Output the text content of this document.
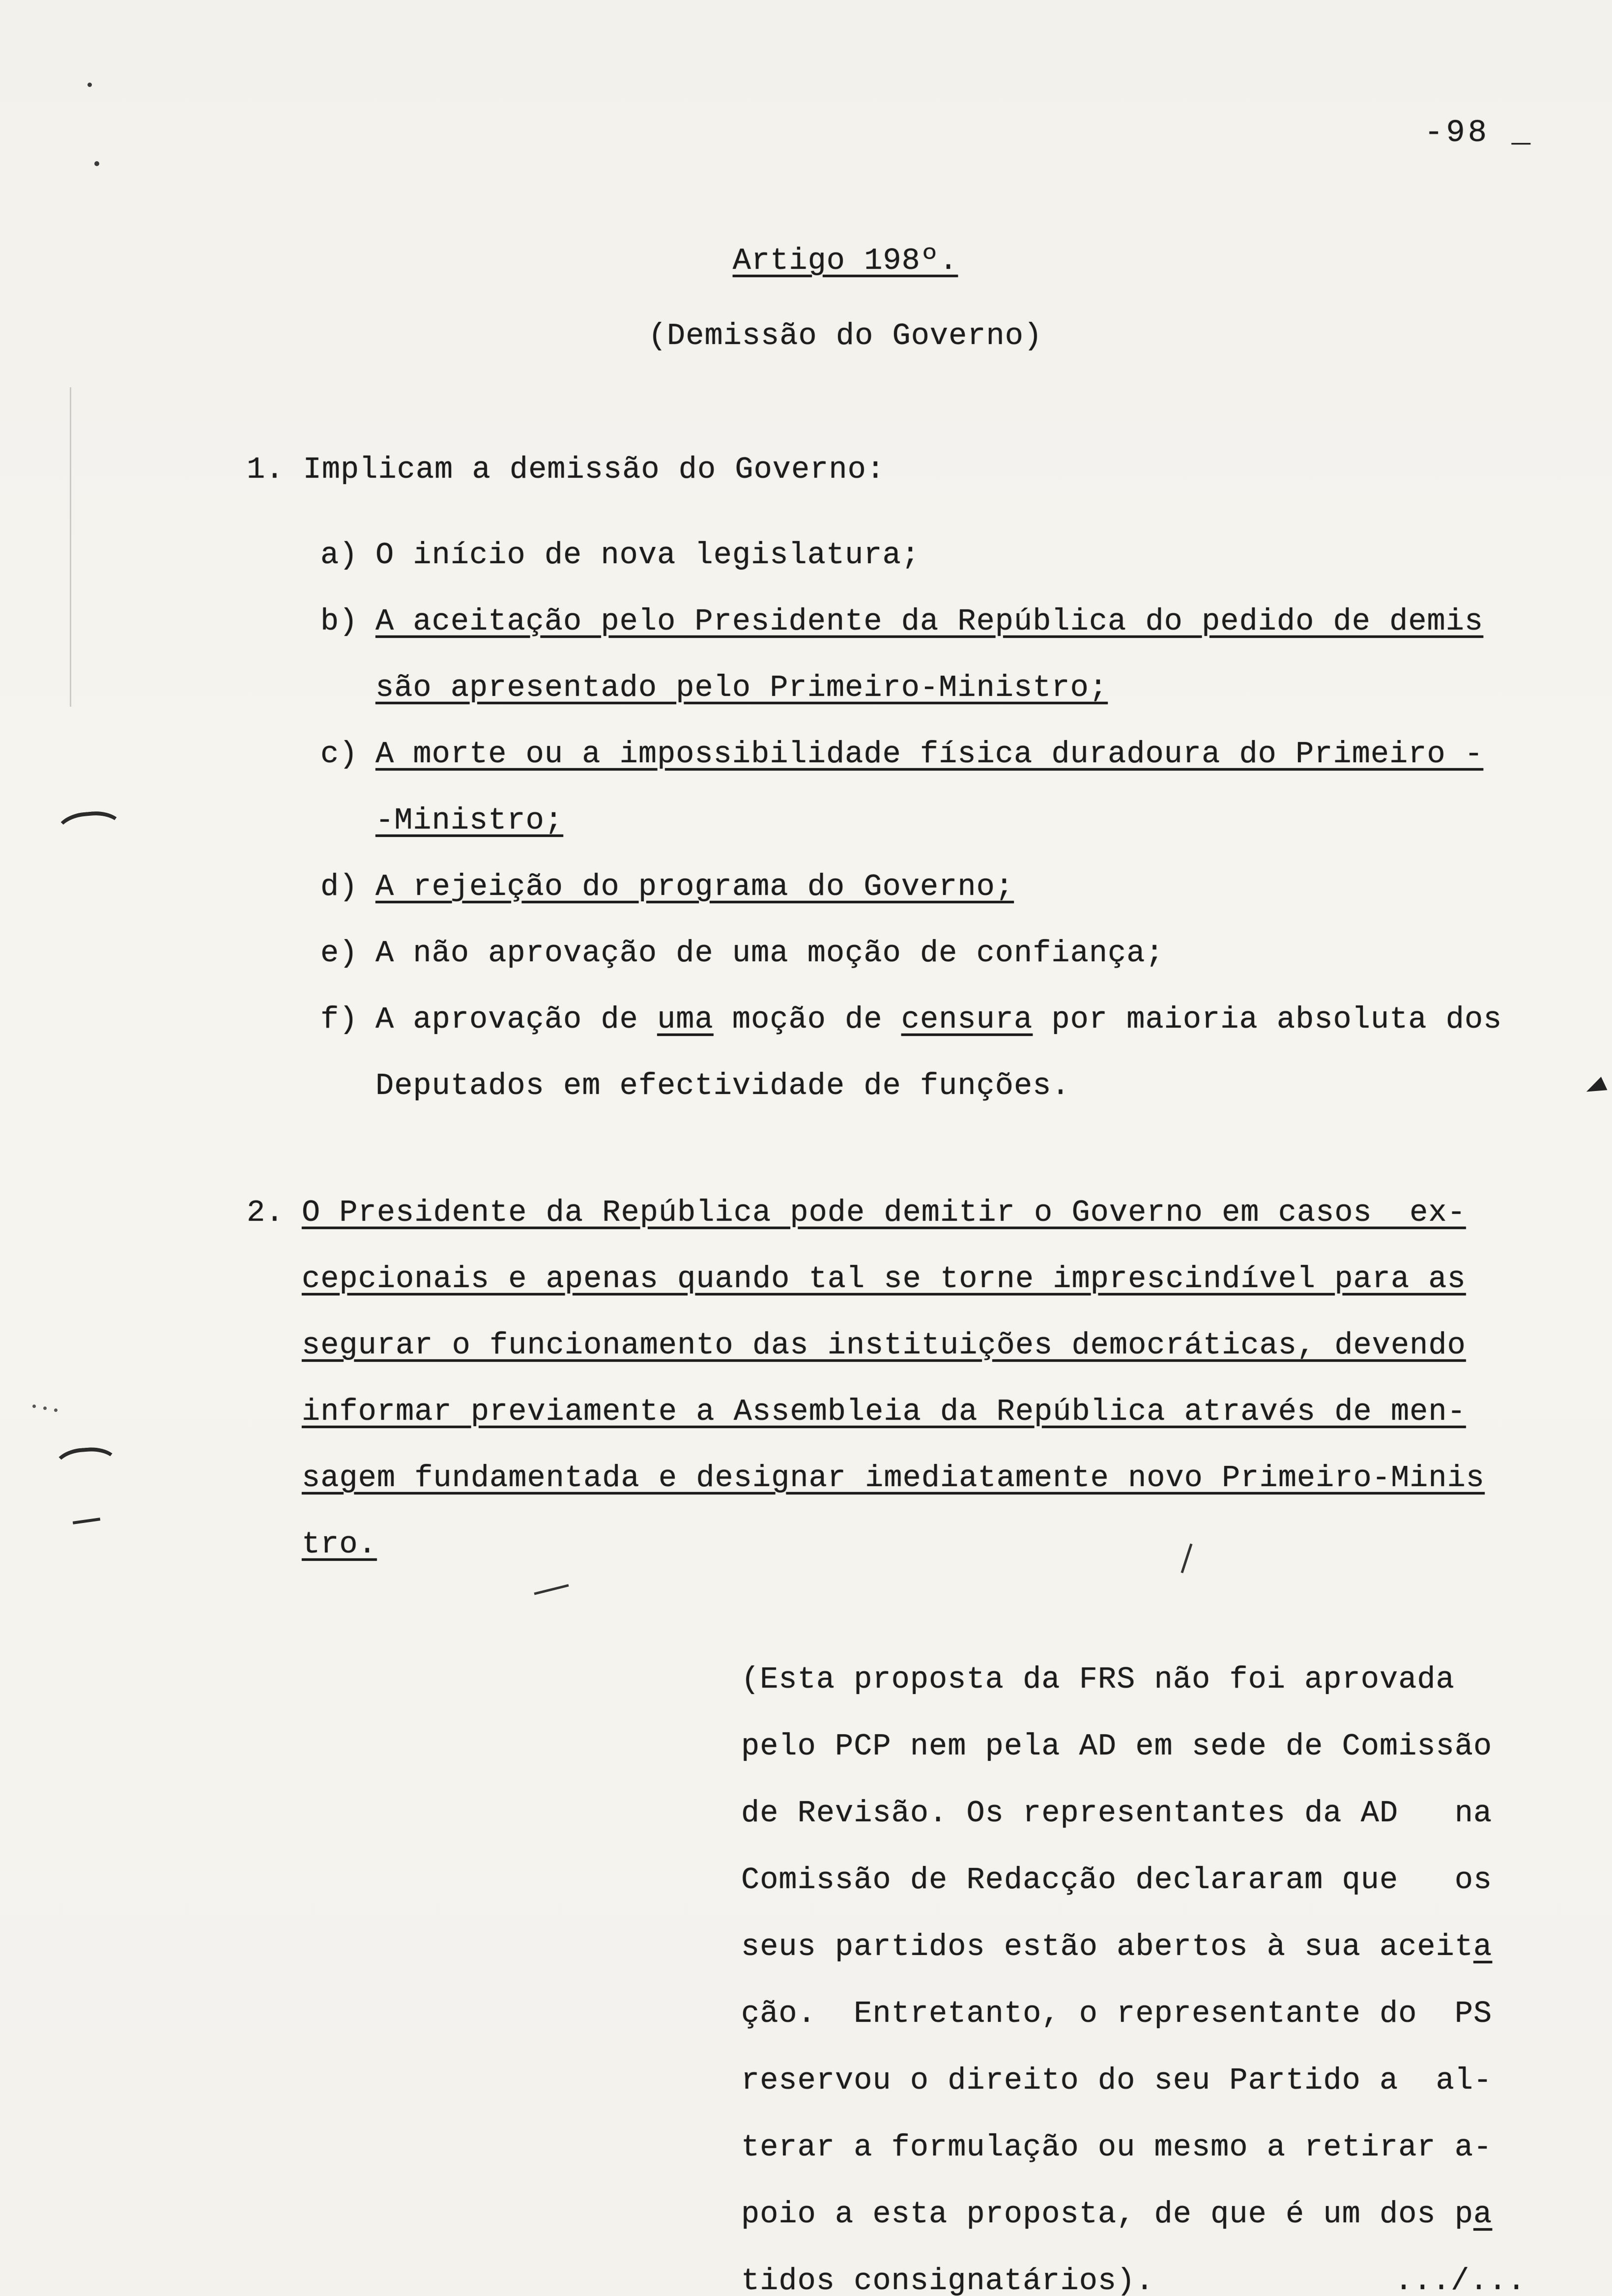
-98 _
Artigo 198º.
(Demissão do Governo)
1. Implicam a demissão do Governo:
a) O início de nova legislatura;
b) A aceitação pelo Presidente da República do pedido de demis
são apresentado pelo Primeiro-Ministro;
c) A morte ou a impossibilidade física duradoura do Primeiro -
-Ministro;
d) A rejeição do programa do Governo;
e) A não aprovação de uma moção de confiança;
f) A aprovação de uma moção de censura por maioria absoluta dos
Deputados em efectividade de funções.
2. O Presidente da República pode demitir o Governo em casos  ex-
cepcionais e apenas quando tal se torne imprescindível para as
segurar o funcionamento das instituições democráticas, devendo
informar previamente a Assembleia da República através de men-
sagem fundamentada e designar imediatamente novo Primeiro-Minis
tro.
(Esta proposta da FRS não foi aprovada
pelo PCP nem pela AD em sede de Comissão
de Revisão. Os representantes da AD   na
Comissão de Redacção declararam que   os
seus partidos estão abertos à sua aceita
ção.  Entretanto, o representante do  PS
reservou o direito do seu Partido a  al-
terar a formulação ou mesmo a retirar a-
poio a esta proposta, de que é um dos pa
tidos consignatários).	.../...
